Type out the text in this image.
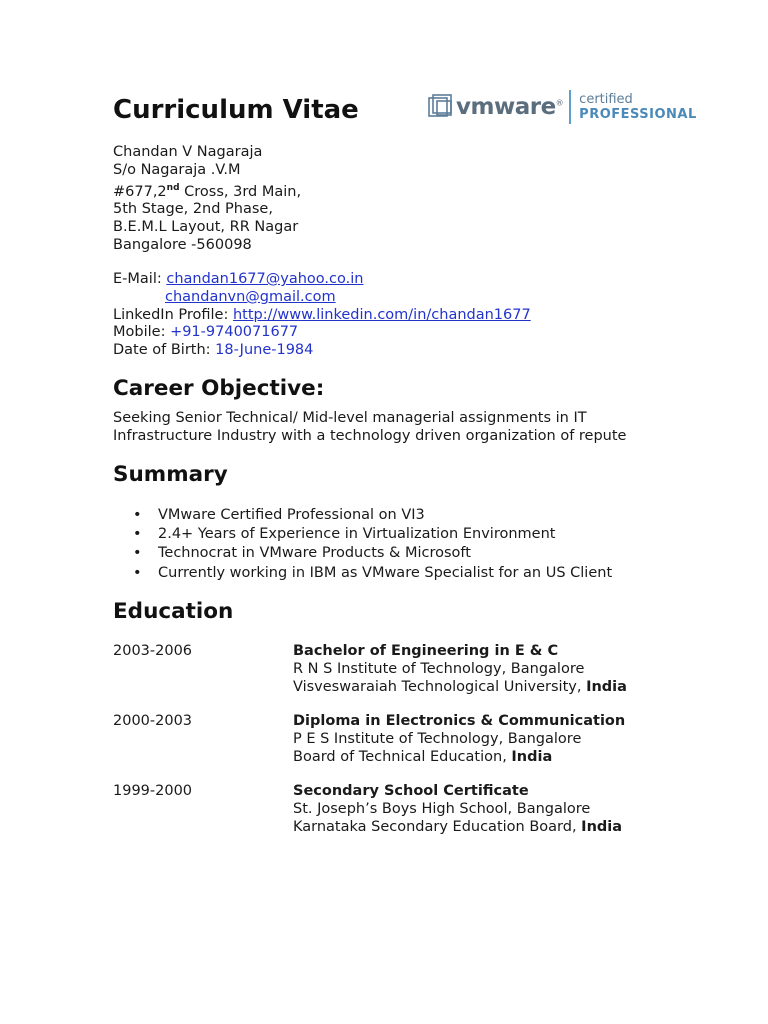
Curriculum Vitae	vmware® certified
PROFESSIONAL
Chandan V Nagaraja
S/o Nagaraja .V.M
#677,2nd Cross, 3rd Main,
5th Stage, 2nd Phase,
B.E.M.L Layout, RR Nagar
Bangalore -560098
E-Mail: chandan1677@yahoo.co.in
chandanvn@gmail.com
LinkedIn Profile: http://www.linkedin.com/in/chandan1677
Mobile: +91-9740071677
Date of Birth: 18-June-1984
Career Objective:
Seeking Senior Technical/ Mid-level managerial assignments in IT
Infrastructure Industry with a technology driven organization of repute
Summary
• VMware Certified Professional on VI3
• 2.4+ Years of Experience in Virtualization Environment
• Technocrat in VMware Products & Microsoft
• Currently working in IBM as VMware Specialist for an US Client
Education
2003-2006	Bachelor of Engineering in E & C
R N S Institute of Technology, Bangalore
Visveswaraiah Technological University, India
2000-2003	Diploma in Electronics & Communication
P E S Institute of Technology, Bangalore
Board of Technical Education, India
1999-2000	Secondary School Certificate
St. Joseph’s Boys High School, Bangalore
Karnataka Secondary Education Board, India
